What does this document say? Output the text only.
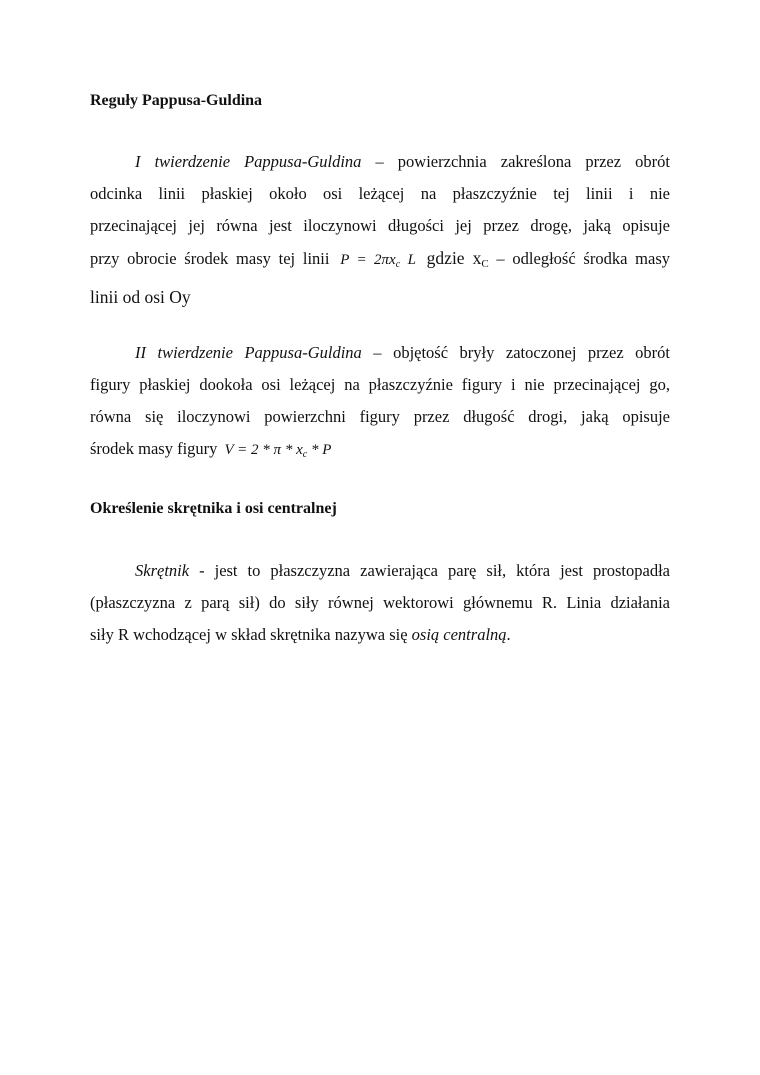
Reguły Pappusa-Guldina
I twierdzenie Pappusa-Guldina – powierzchnia zakreślona przez obrót
odcinka linii płaskiej około osi leżącej na płaszczyźnie tej linii i nie
przecinającej jej równa jest iloczynowi długości jej przez drogę, jaką opisuje
przy obrocie środek masy tej linii $P = 2\pi x_c$ L gdzie xC – odległość środka masy
linii od osi Oy
II twierdzenie Pappusa-Guldina – objętość bryły zatoczonej przez obrót
figury płaskiej dookoła osi leżącej na płaszczyźnie figury i nie przecinającej go,
równa się iloczynowi powierzchni figury przez długość drogi, jaką opisuje
środek masy figury $V = 2 * \pi * x_c * P$
Określenie skrętnika i osi centralnej
Skrętnik - jest to płaszczyzna zawierająca parę sił, która jest prostopadła
(płaszczyzna z parą sił) do siły równej wektorowi głównemu R. Linia działania
siły R wchodzącej w skład skrętnika nazywa się osią centralną.
